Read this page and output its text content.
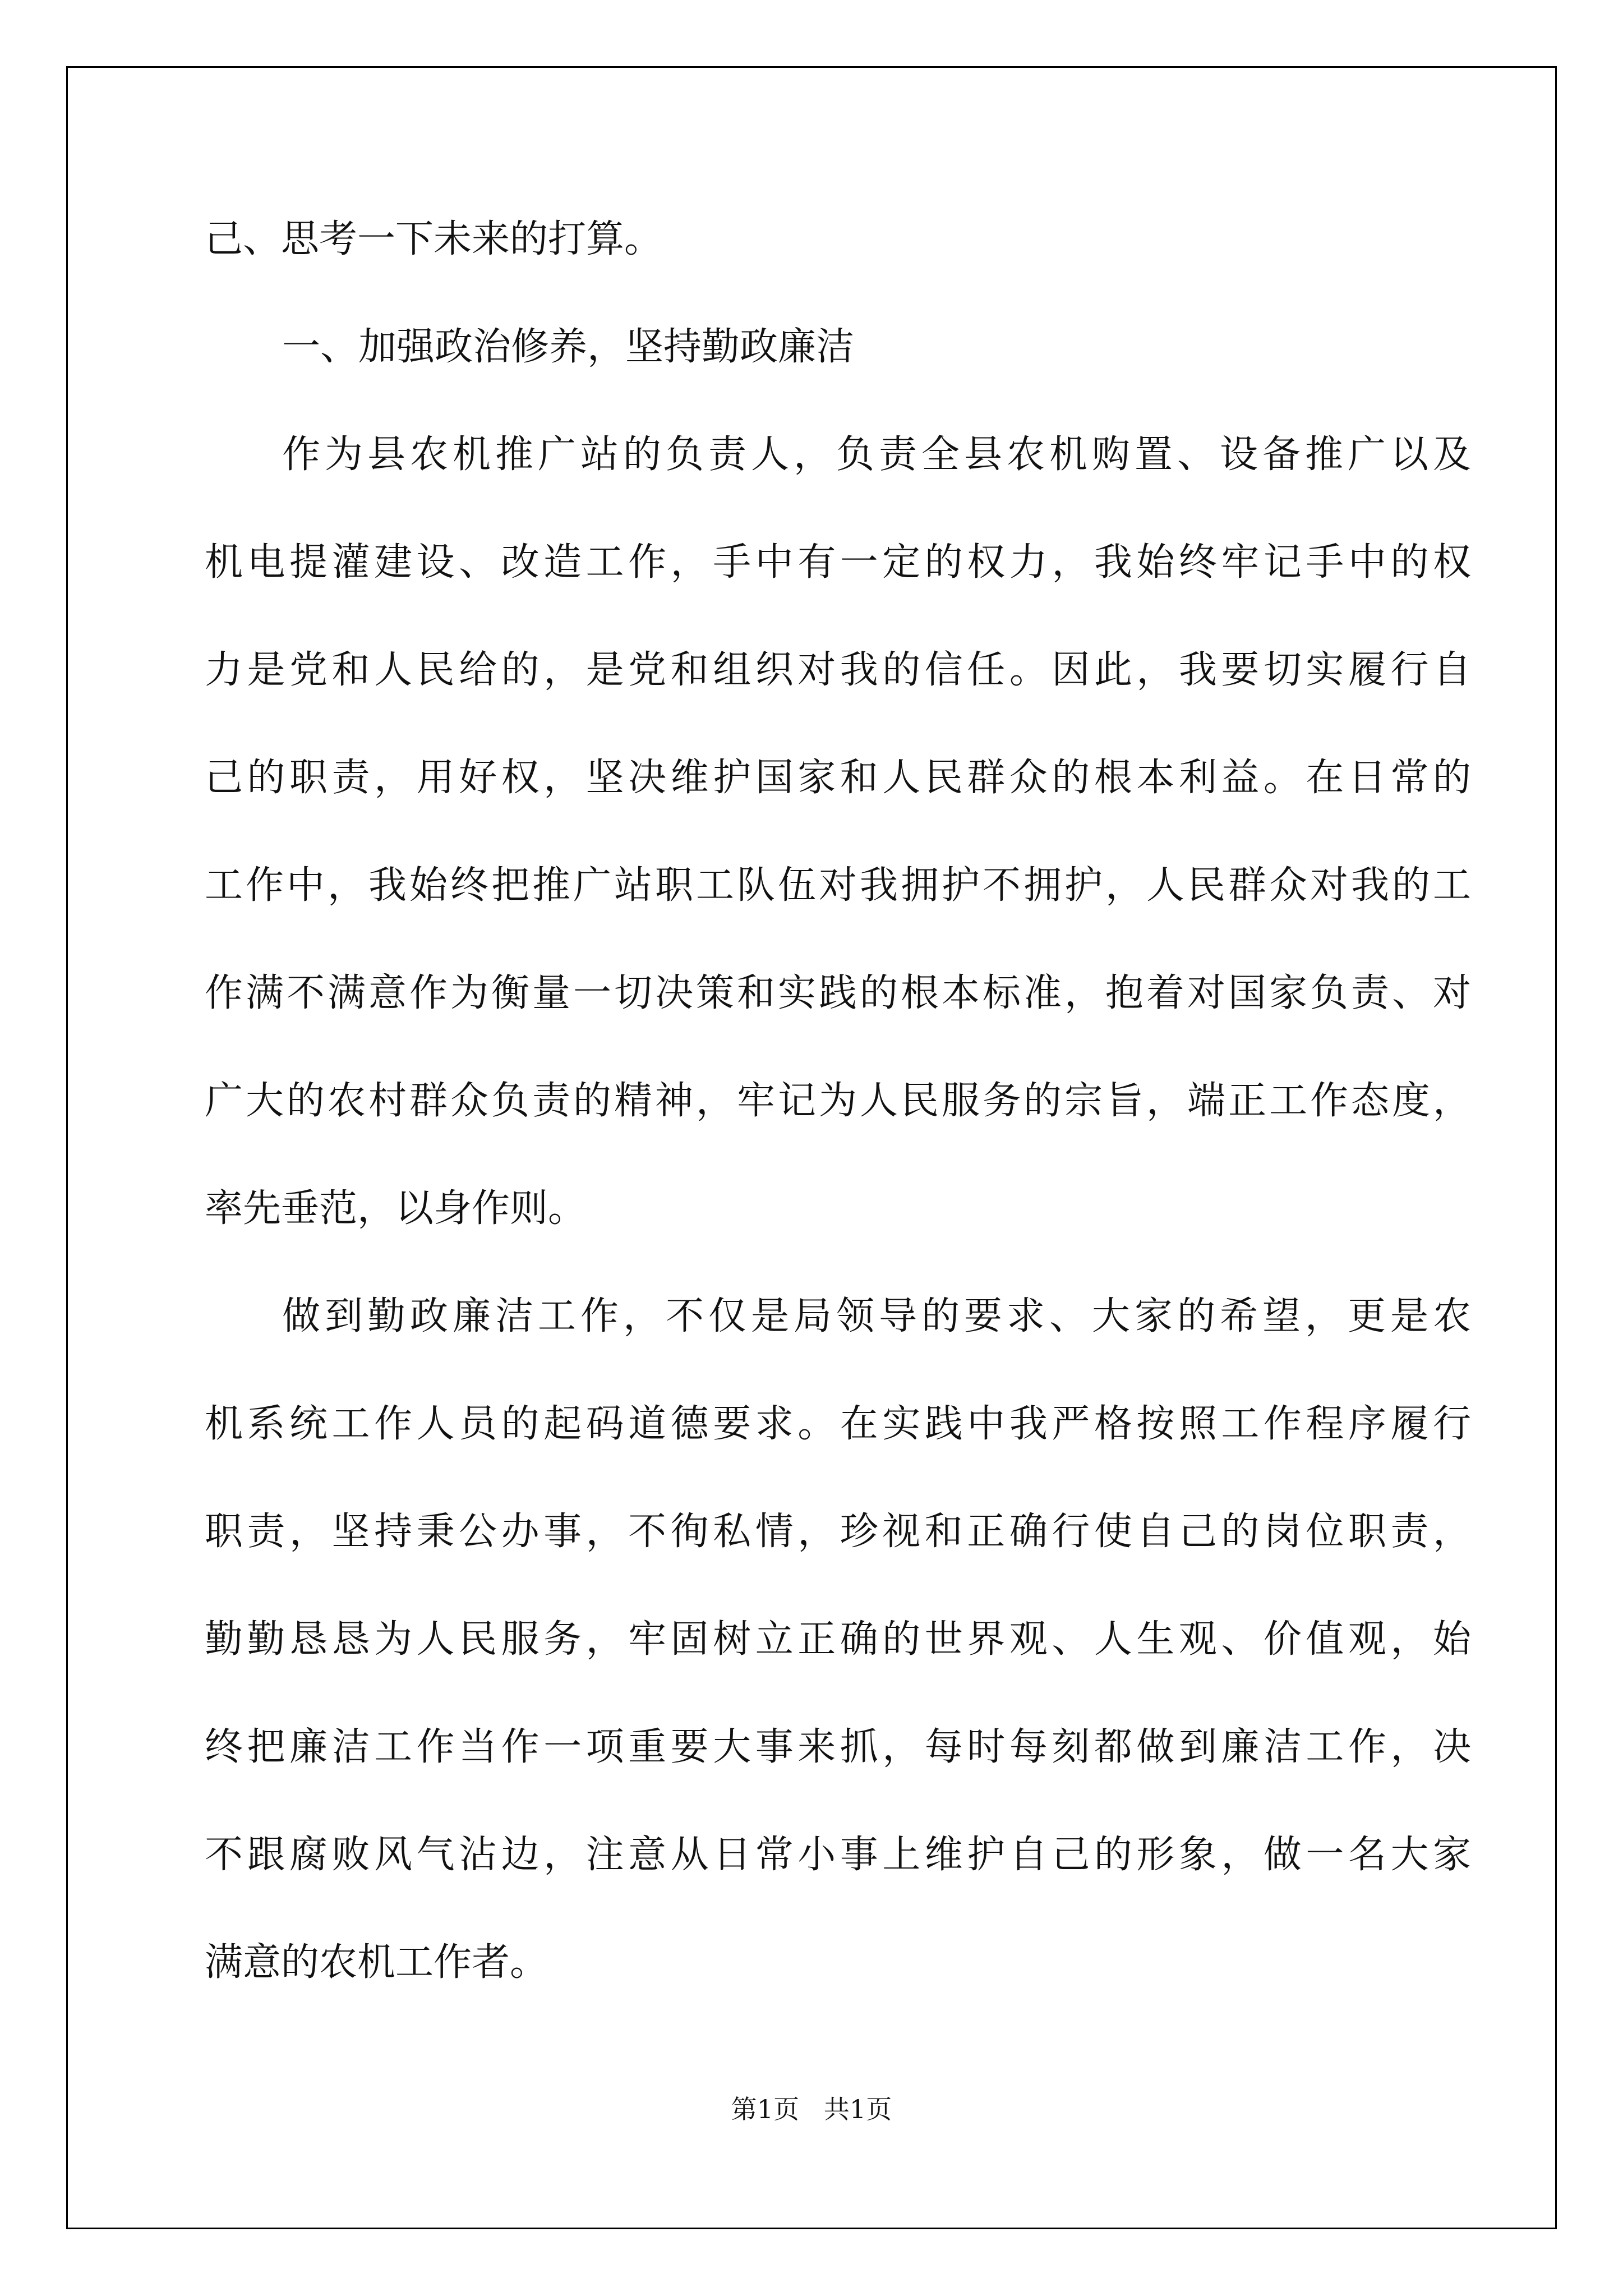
己、思考一下未来的打算。
一、加强政治修养，坚持勤政廉洁
作为县农机推广站的负责人，负责全县农机购置、设备推广以及
机电提灌建设、改造工作，手中有一定的权力，我始终牢记手中的权
力是党和人民给的，是党和组织对我的信任。因此，我要切实履行自
己的职责，用好权，坚决维护国家和人民群众的根本利益。在日常的
工作中，我始终把推广站职工队伍对我拥护不拥护，人民群众对我的工
作满不满意作为衡量一切决策和实践的根本标准，抱着对国家负责、对
广大的农村群众负责的精神，牢记为人民服务的宗旨，端正工作态度，
率先垂范，以身作则。
做到勤政廉洁工作，不仅是局领导的要求、大家的希望，更是农
机系统工作人员的起码道德要求。在实践中我严格按照工作程序履行
职责，坚持秉公办事，不徇私情，珍视和正确行使自己的岗位职责，
勤勤恳恳为人民服务，牢固树立正确的世界观、人生观、价值观，始
终把廉洁工作当作一项重要大事来抓，每时每刻都做到廉洁工作，决
不跟腐败风气沾边，注意从日常小事上维护自己的形象，做一名大家
满意的农机工作者。
第1页   共1页
